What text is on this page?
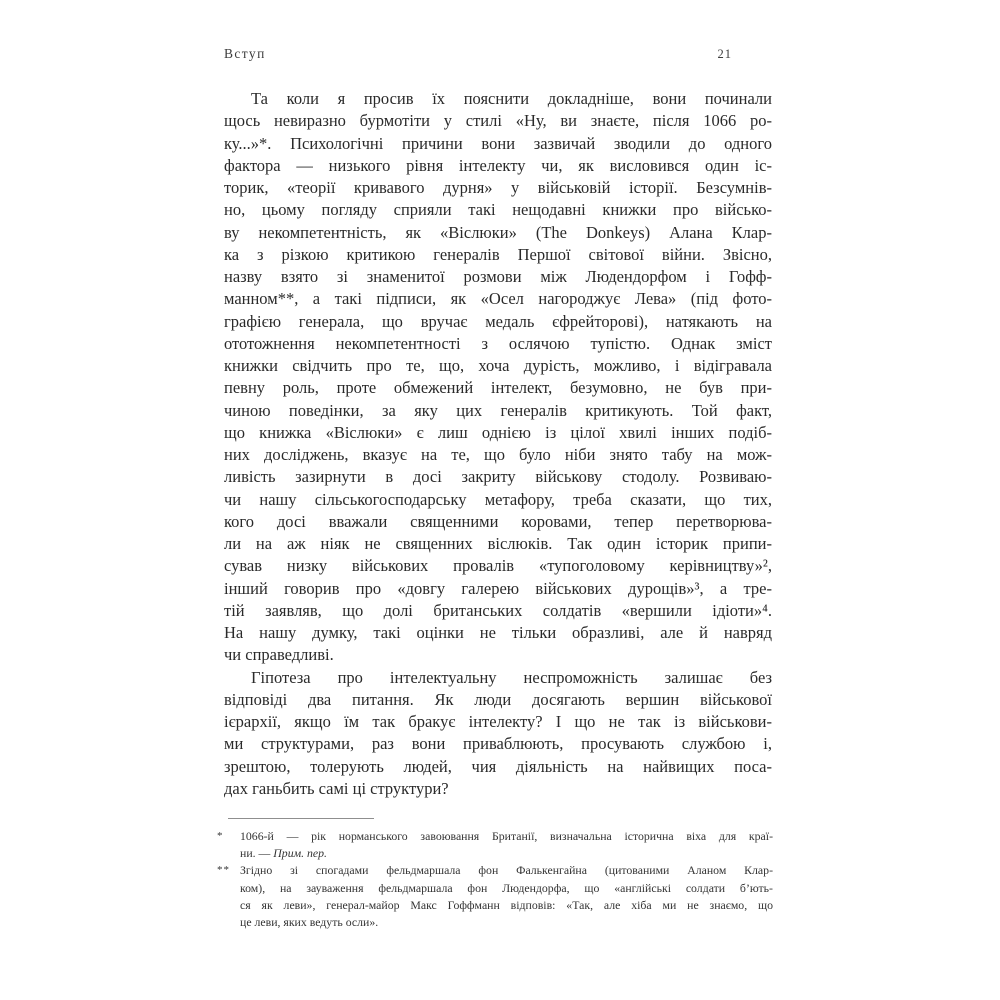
Вступ	21
Та коли я просив їх пояснити докладніше, вони починали
щось невиразно бурмотіти у стилі «Ну, ви знаєте, після 1066 ро-
ку...»*. Психологічні причини вони зазвичай зводили до одного
фактора — низького рівня інтелекту чи, як висловився один іс-
торик, «теорії кривавого дурня» у військовій історії. Безсумнів-
но, цьому погляду сприяли такі нещодавні книжки про військо-
ву некомпетентність, як «Віслюки» (The Donkeys) Алана Клар-
ка з різкою критикою генералів Першої світової війни. Звісно,
назву взято зі знаменитої розмови між Людендорфом і Гофф-
манном**, а такі підписи, як «Осел нагороджує Лева» (під фото-
графією генерала, що вручає медаль єфрейторові), натякають на
ототожнення некомпетентності з ослячою тупістю. Однак зміст
книжки свідчить про те, що, хоча дурість, можливо, і відігравала
певну роль, проте обмежений інтелект, безумовно, не був при-
чиною поведінки, за яку цих генералів критикують. Той факт,
що книжка «Віслюки» є лиш однією із цілої хвилі інших подіб-
них досліджень, вказує на те, що було ніби знято табу на мож-
ливість зазирнути в досі закриту військову стодолу. Розвиваю-
чи нашу сільськогосподарську метафору, треба сказати, що тих,
кого досі вважали священними коровами, тепер перетворюва-
ли на аж ніяк не священних віслюків. Так один історик припи-
сував низку військових провалів «тупоголовому керівництву»²,
інший говорив про «довгу галерею військових дурощів»³, а тре-
тій заявляв, що долі британських солдатів «вершили ідіоти»⁴.
На нашу думку, такі оцінки не тільки образливі, але й навряд
чи справедливі.
Гіпотеза про інтелектуальну неспроможність залишає без
відповіді два питання. Як люди досягають вершин військової
ієрархії, якщо їм так бракує інтелекту? І що не так із військови-
ми структурами, раз вони приваблюють, просувають службою і,
зрештою, толерують людей, чия діяльність на найвищих поса-
дах ганьбить самі ці структури?
*	1066-й — рік норманського завоювання Британії, визначальна історична віха для краї-
ни. — Прим. пер.
** Згідно зі спогадами фельдмаршала фон Фалькенгайна (цитованими Аланом Клар-
ком), на зауваження фельдмаршала фон Людендорфа, що «англійські солдати б’ють-
ся як леви», генерал-майор Макс Гоффманн відповів: «Так, але хіба ми не знаємо, що
це леви, яких ведуть осли».
